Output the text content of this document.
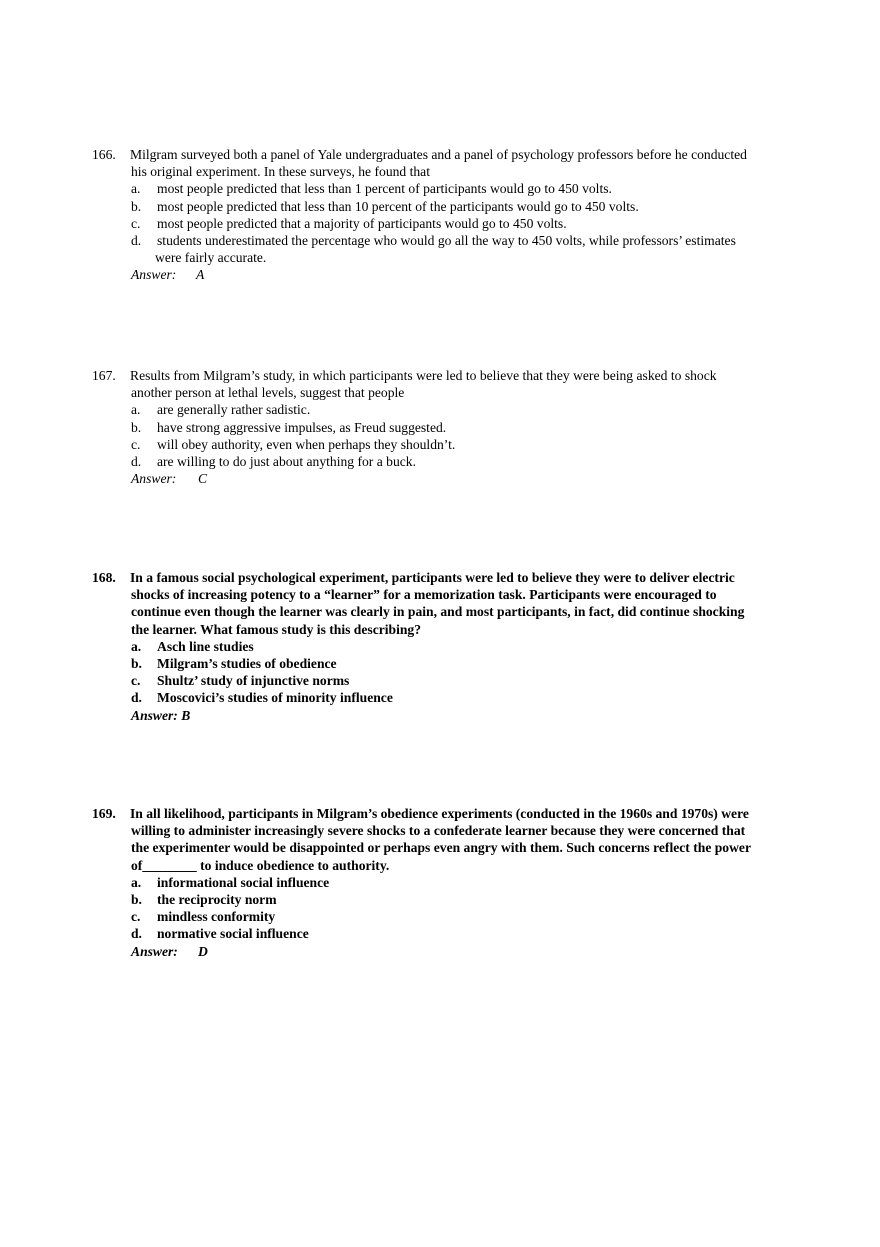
166. Milgram surveyed both a panel of Yale undergraduates and a panel of psychology professors before he conducted
his original experiment. In these surveys, he found that
a. most people predicted that less than 1 percent of participants would go to 450 volts.
b. most people predicted that less than 10 percent of the participants would go to 450 volts.
c. most people predicted that a majority of participants would go to 450 volts.
d. students underestimated the percentage who would go all the way to 450 volts, while professors’ estimates
were fairly accurate.
Answer: A
167. Results from Milgram’s study, in which participants were led to believe that they were being asked to shock
another person at lethal levels, suggest that people
a. are generally rather sadistic.
b. have strong aggressive impulses, as Freud suggested.
c. will obey authority, even when perhaps they shouldn’t.
d. are willing to do just about anything for a buck.
Answer: C
168. In a famous social psychological experiment, participants were led to believe they were to deliver electric
shocks of increasing potency to a “learner” for a memorization task. Participants were encouraged to
continue even though the learner was clearly in pain, and most participants, in fact, did continue shocking
the learner. What famous study is this describing?
a. Asch line studies
b. Milgram’s studies of obedience
c. Shultz’ study of injunctive norms
d. Moscovici’s studies of minority influence
Answer: B
169. In all likelihood, participants in Milgram’s obedience experiments (conducted in the 1960s and 1970s) were
willing to administer increasingly severe shocks to a confederate learner because they were concerned that
the experimenter would be disappointed or perhaps even angry with them. Such concerns reflect the power
of________ to induce obedience to authority.
a. informational social influence
b. the reciprocity norm
c. mindless conformity
d. normative social influence
Answer: D
